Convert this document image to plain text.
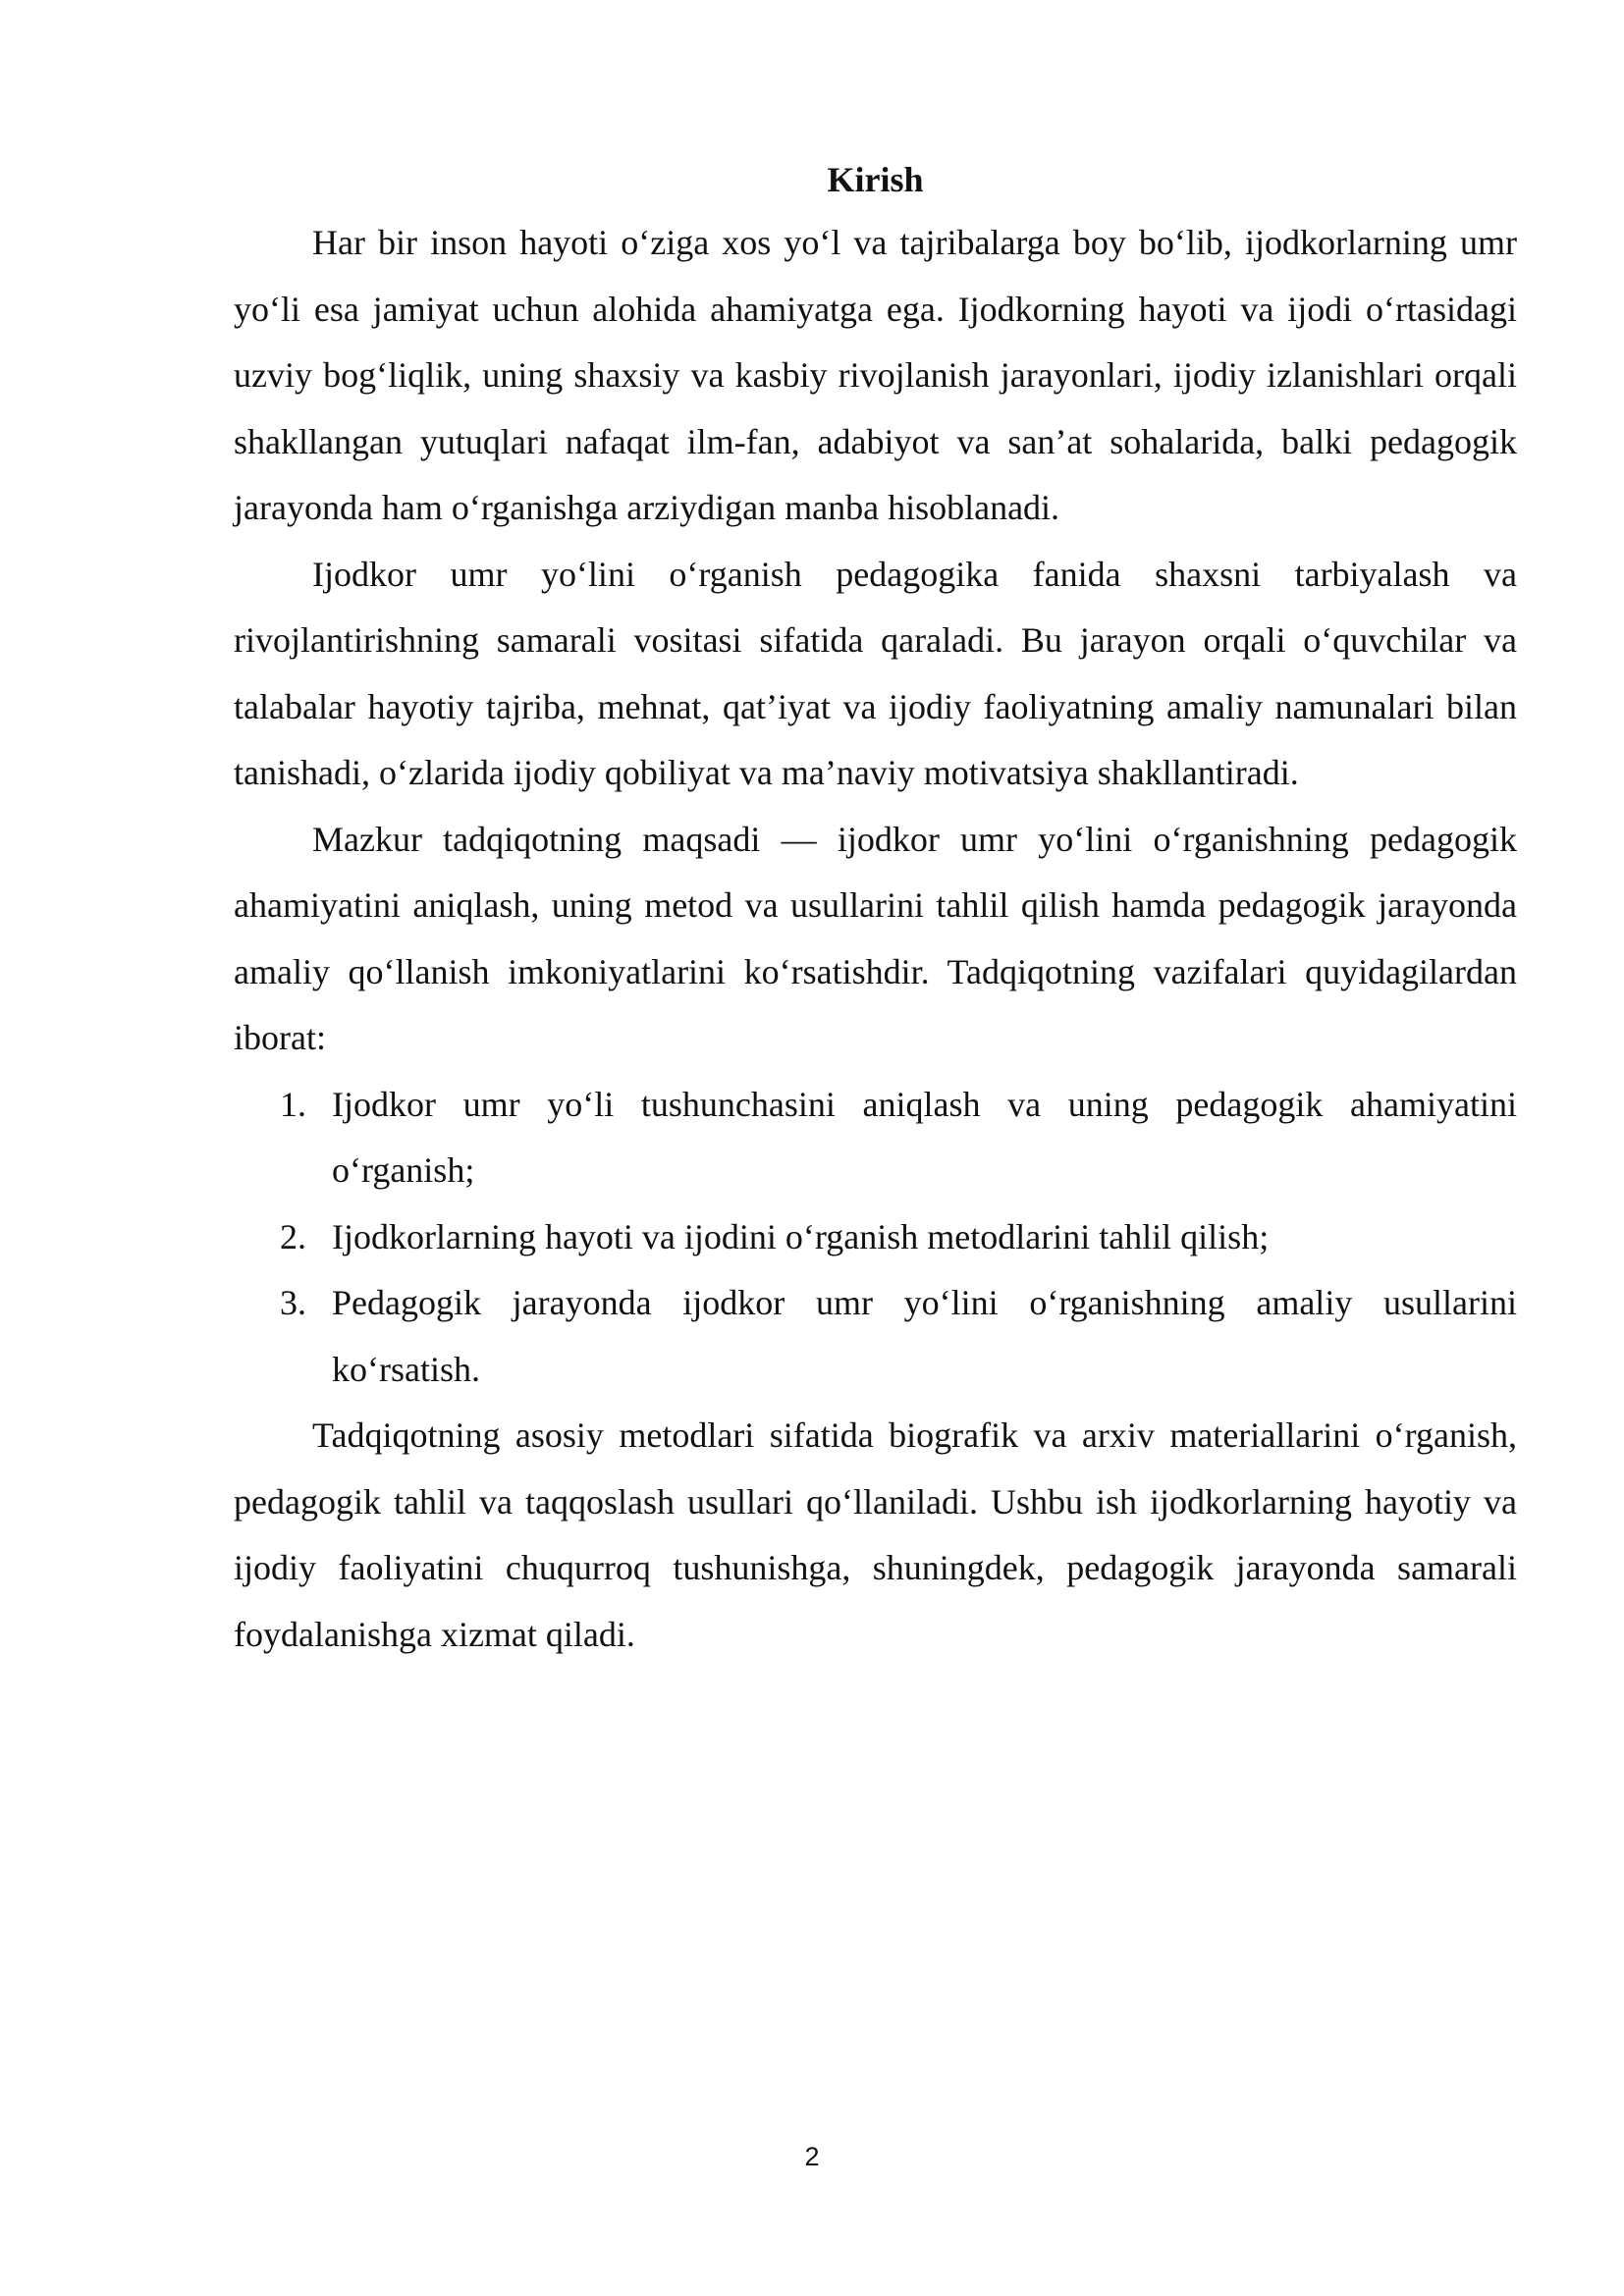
Kirish

Har bir inson hayoti o‘ziga xos yo‘l va tajribalarga boy bo‘lib, ijodkorlarning umr yo‘li esa jamiyat uchun alohida ahamiyatga ega. Ijodkorning hayoti va ijodi o‘rtasidagi uzviy bog‘liqlik, uning shaxsiy va kasbiy rivojlanish jarayonlari, ijodiy izlanishlari orqali shakllangan yutuqlari nafaqat ilm-fan, adabiyot va san’at sohalarida, balki pedagogik jarayonda ham o‘rganishga arziydigan manba hisoblanadi.

Ijodkor umr yo‘lini o‘rganish pedagogika fanida shaxsni tarbiyalash va rivojlantirishning samarali vositasi sifatida qaraladi. Bu jarayon orqali o‘quvchilar va talabalar hayotiy tajriba, mehnat, qat’iyat va ijodiy faoliyatning amaliy namunalari bilan tanishadi, o‘zlarida ijodiy qobiliyat va ma’naviy motivatsiya shakllantiradi.

Mazkur tadqiqotning maqsadi — ijodkor umr yo‘lini o‘rganishning pedagogik ahamiyatini aniqlash, uning metod va usullarini tahlil qilish hamda pedagogik jarayonda amaliy qo‘llanish imkoniyatlarini ko‘rsatishdir. Tadqiqotning vazifalari quyidagilardan iborat:

1. Ijodkor umr yo‘li tushunchasini aniqlash va uning pedagogik ahamiyatini o‘rganish;
2. Ijodkorlarning hayoti va ijodini o‘rganish metodlarini tahlil qilish;
3. Pedagogik jarayonda ijodkor umr yo‘lini o‘rganishning amaliy usullarini ko‘rsatish.

Tadqiqotning asosiy metodlari sifatida biografik va arxiv materiallarini o‘rganish, pedagogik tahlil va taqqoslash usullari qo‘llaniladi. Ushbu ish ijodkorlarning hayotiy va ijodiy faoliyatini chuqurroq tushunishga, shuningdek, pedagogik jarayonda samarali foydalanishga xizmat qiladi.

2
